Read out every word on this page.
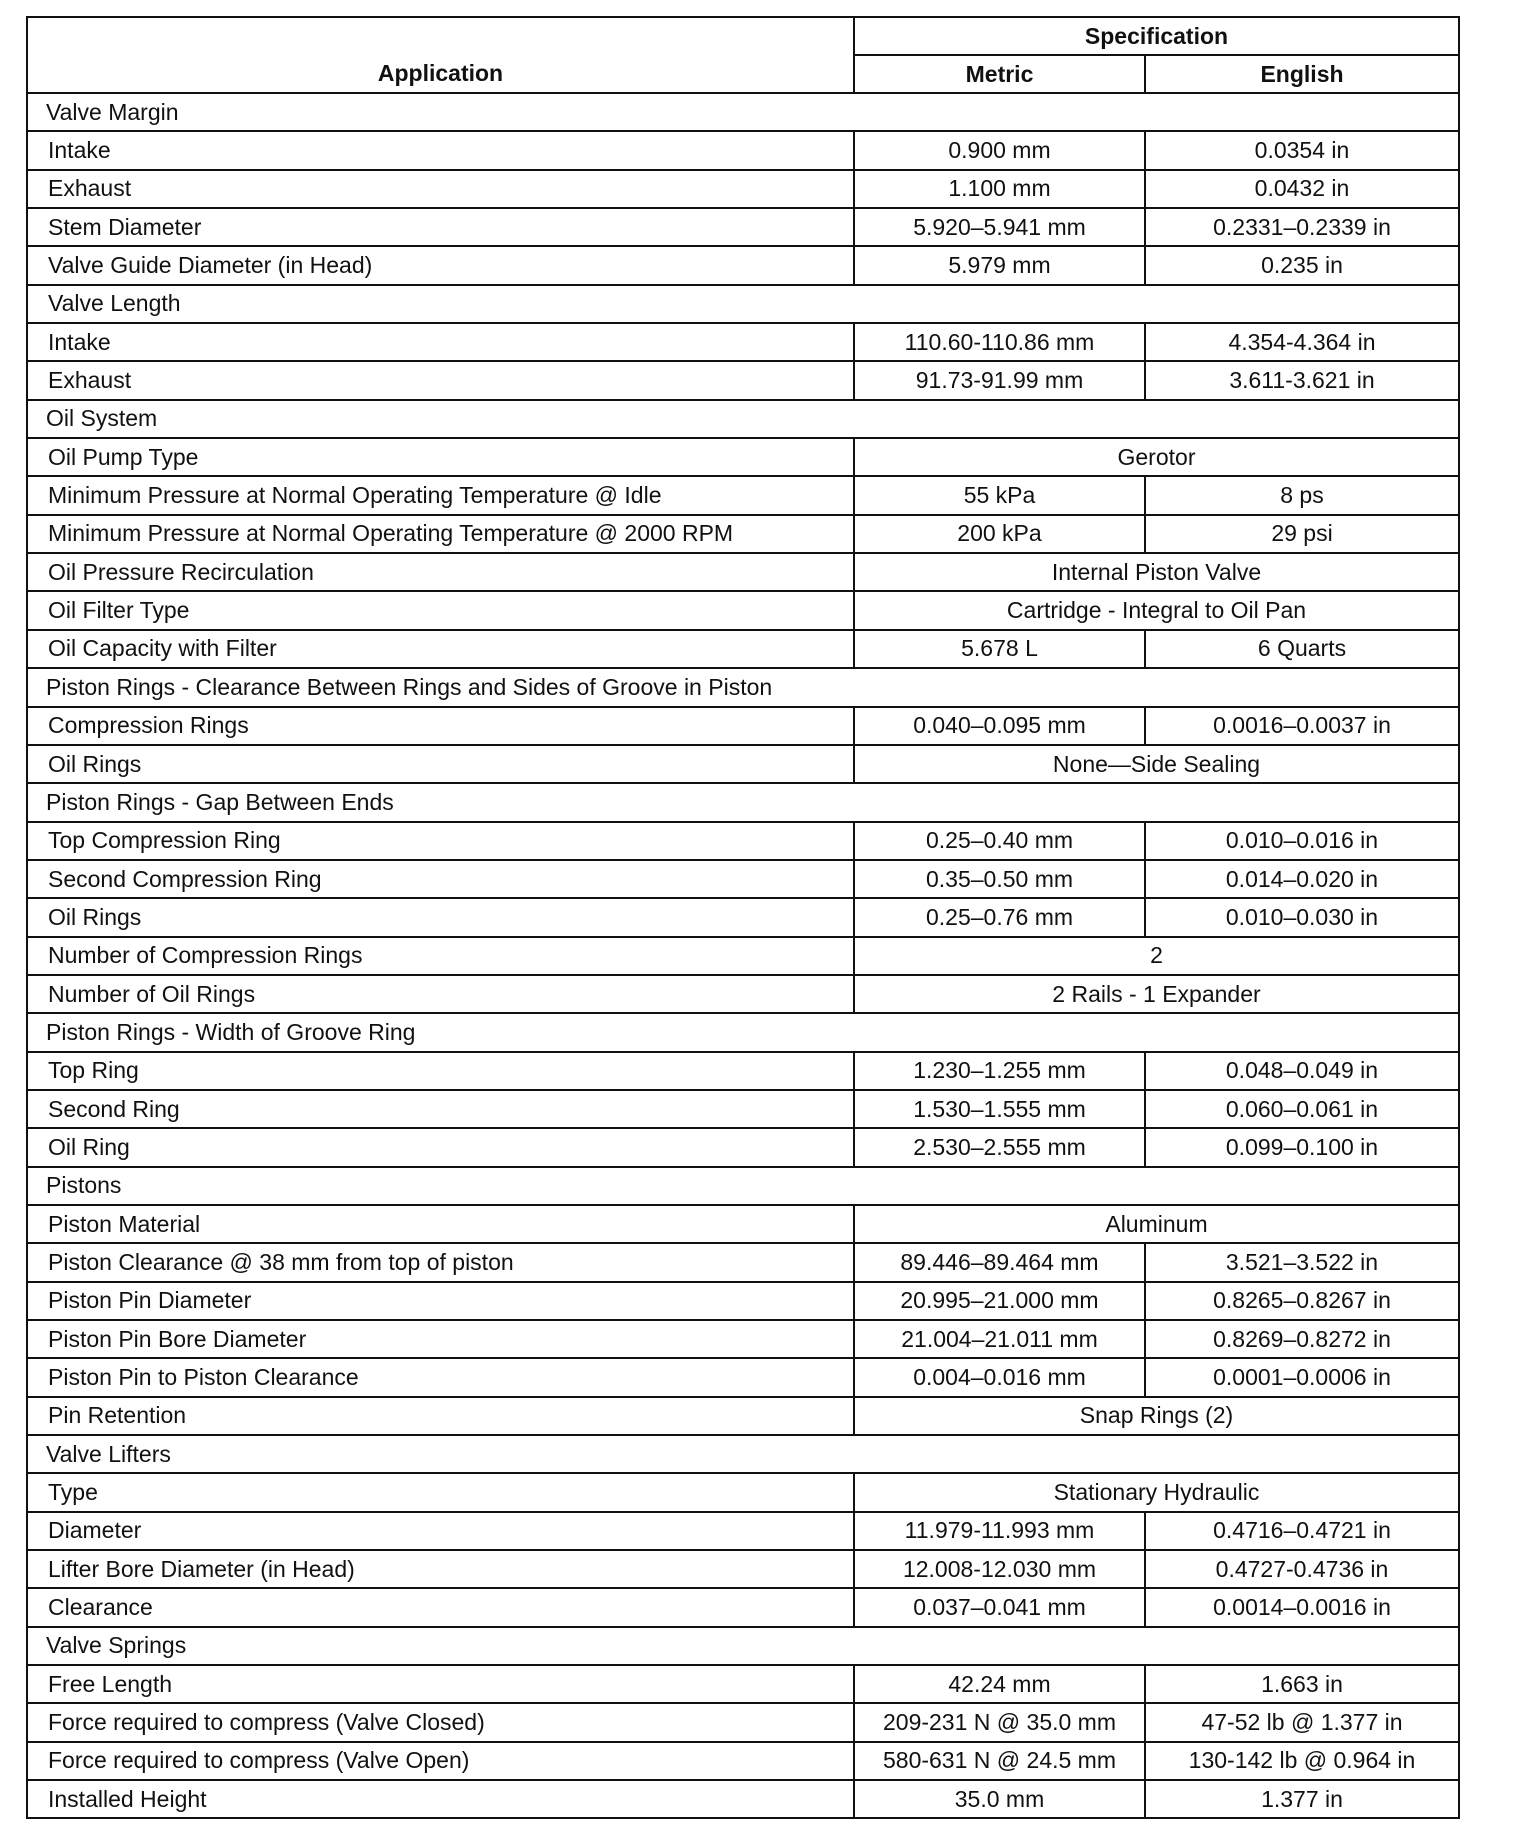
Application	Specification	
	Metric	English
Valve Margin		
Intake	0.900 mm	0.0354 in
Exhaust	1.100 mm	0.0432 in
Stem Diameter	5.920–5.941 mm	0.2331–0.2339 in
Valve Guide Diameter (in Head)	5.979 mm	0.235 in
Valve Length		
Intake	110.60-110.86 mm	4.354-4.364 in
Exhaust	91.73-91.99 mm	3.611-3.621 in
Oil System		
Oil Pump Type	Gerotor	
Minimum Pressure at Normal Operating Temperature @ Idle	55 kPa	8 ps
Minimum Pressure at Normal Operating Temperature @ 2000 RPM	200 kPa	29 psi
Oil Pressure Recirculation	Internal Piston Valve	
Oil Filter Type	Cartridge - Integral to Oil Pan	
Oil Capacity with Filter	5.678 L	6 Quarts
Piston Rings - Clearance Between Rings and Sides of Groove in Piston		
Compression Rings	0.040–0.095 mm	0.0016–0.0037 in
Oil Rings	None—Side Sealing	
Piston Rings - Gap Between Ends		
Top Compression Ring	0.25–0.40 mm	0.010–0.016 in
Second Compression Ring	0.35–0.50 mm	0.014–0.020 in
Oil Rings	0.25–0.76 mm	0.010–0.030 in
Number of Compression Rings	2	
Number of Oil Rings	2 Rails - 1 Expander	
Piston Rings - Width of Groove Ring		
Top Ring	1.230–1.255 mm	0.048–0.049 in
Second Ring	1.530–1.555 mm	0.060–0.061 in
Oil Ring	2.530–2.555 mm	0.099–0.100 in
Pistons		
Piston Material	Aluminum	
Piston Clearance @ 38 mm from top of piston	89.446–89.464 mm	3.521–3.522 in
Piston Pin Diameter	20.995–21.000 mm	0.8265–0.8267 in
Piston Pin Bore Diameter	21.004–21.011 mm	0.8269–0.8272 in
Piston Pin to Piston Clearance	0.004–0.016 mm	0.0001–0.0006 in
Pin Retention	Snap Rings (2)	
Valve Lifters		
Type	Stationary Hydraulic	
Diameter	11.979-11.993 mm	0.4716–0.4721 in
Lifter Bore Diameter (in Head)	12.008-12.030 mm	0.4727-0.4736 in
Clearance	0.037–0.041 mm	0.0014–0.0016 in
Valve Springs		
Free Length	42.24 mm	1.663 in
Force required to compress (Valve Closed)	209-231 N @ 35.0 mm	47-52 lb @ 1.377 in
Force required to compress (Valve Open)	580-631 N @ 24.5 mm	130-142 lb @ 0.964 in
Installed Height	35.0 mm	1.377 in
